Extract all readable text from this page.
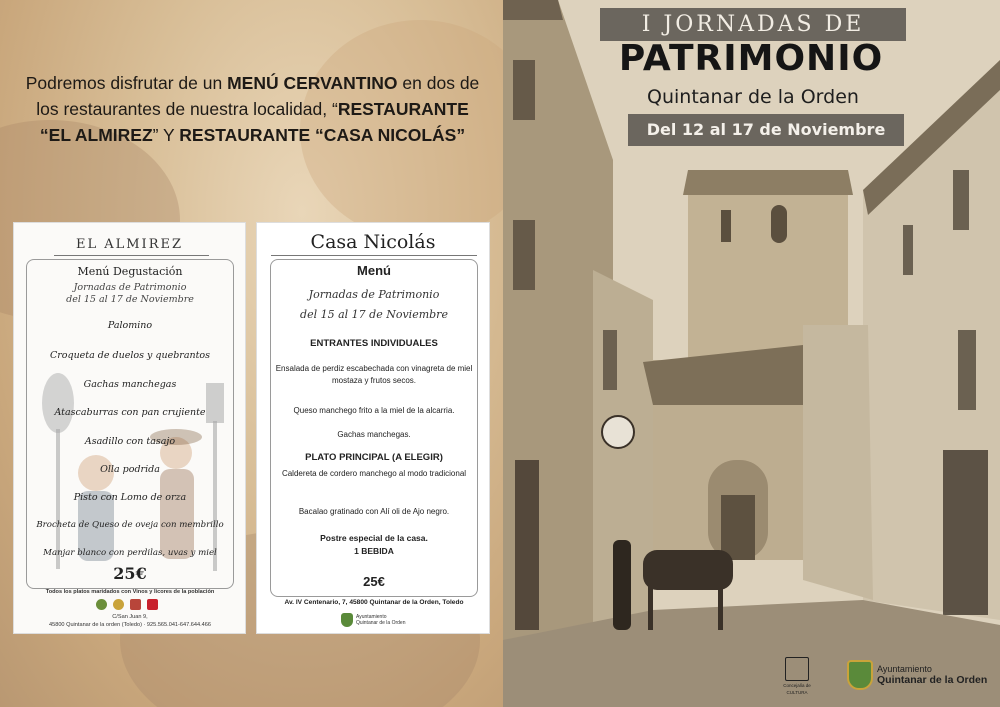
Podremos disfrutar de un MENÚ CERVANTINO en dos de los restaurantes de nuestra localidad, “RESTAURANTE “EL ALMIREZ” Y RESTAURANTE “CASA NICOLÁS”
EL ALMIREZ
Menú Degustación
Jornadas de Patrimonio
del 15 al 17 de Noviembre
Palomino
Croqueta de duelos y quebrantos
Gachas manchegas
Atascaburras con pan crujiente
Asadillo con tasajo
Olla podrida
Pisto con Lomo de orza
Brocheta de Queso de oveja con membrillo
Manjar blanco con perdilas, uvas y miel
25€
Todos los platos maridados con Vinos y licores de la población
C/San Juan 9,
45800 Quintanar de la orden (Toledo) · 925.565.041-647.644.466
Casa Nicolás
Menú
Jornadas de Patrimonio
del 15 al 17 de Noviembre
ENTRANTES INDIVIDUALES
Ensalada de perdiz escabechada con vinagreta de miel mostaza y frutos secos.
Queso manchego frito a la miel de la alcarria.
Gachas manchegas.
PLATO PRINCIPAL (A ELEGIR)
Caldereta de cordero manchego al modo tradicional
Bacalao gratinado con Alí oli de Ajo negro.
Postre especial de la casa.
1 BEBIDA
25€
Av. IV Centenario, 7, 45800 Quintanar de la Orden, Toledo
Ayuntamiento
Quintanar de la Orden
I JORNADAS DE
PATRIMONIO
Quintanar de la Orden
Del 12 al 17 de Noviembre
Concejalía de
CULTURA
Ayuntamiento
Quintanar de la Orden
